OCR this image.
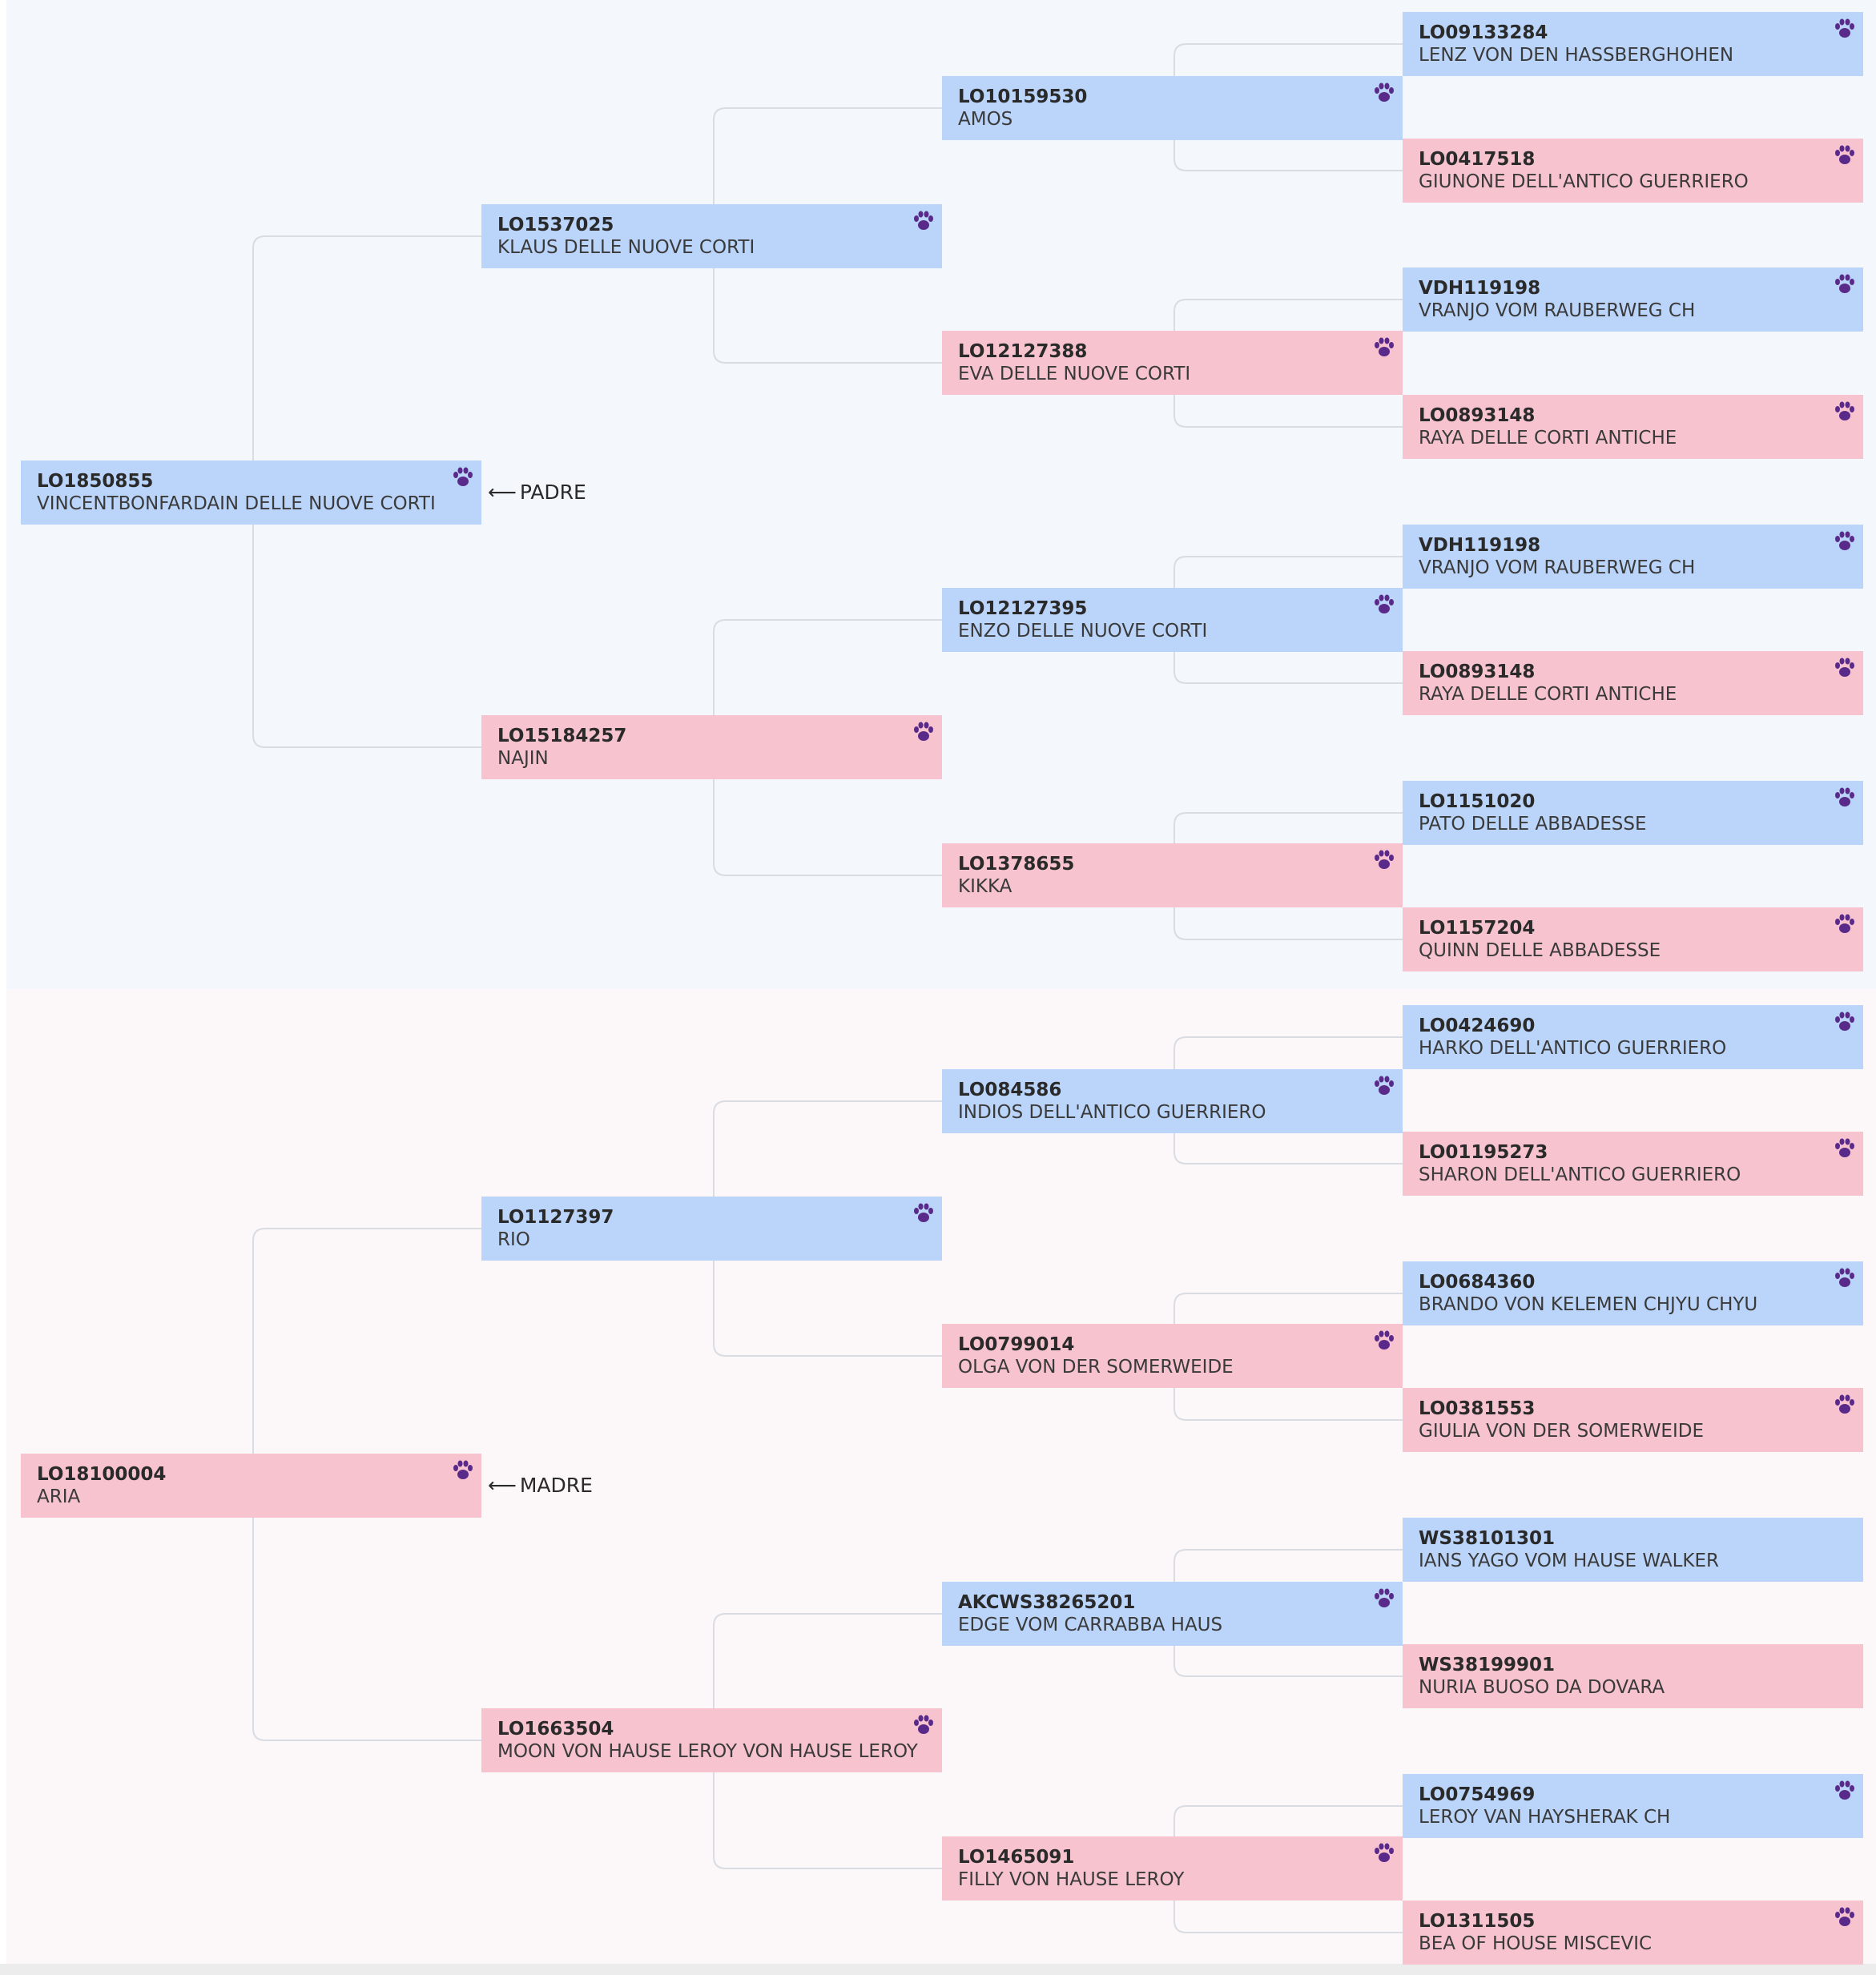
LO1850855
VINCENTBONFARDAIN DELLE NUOVE CORTI	⟵ PADRE
LO1537025
KLAUS DELLE NUOVE CORTI
LO15184257
NAJIN
LO10159530
AMOS
LO12127388
EVA DELLE NUOVE CORTI
LO12127395
ENZO DELLE NUOVE CORTI
LO1378655
KIKKA
LO09133284
LENZ VON DEN HASSBERGHOHEN
LO0417518
GIUNONE DELL'ANTICO GUERRIERO
VDH119198
VRANJO VOM RAUBERWEG CH
LO0893148
RAYA DELLE CORTI ANTICHE
VDH119198
VRANJO VOM RAUBERWEG CH
LO0893148
RAYA DELLE CORTI ANTICHE
LO1151020
PATO DELLE ABBADESSE
LO1157204
QUINN DELLE ABBADESSE
LO18100004
ARIA	⟵ MADRE
LO1127397
RIO
LO1663504
MOON VON HAUSE LEROY VON HAUSE LEROY
LO084586
INDIOS DELL'ANTICO GUERRIERO
LO0799014
OLGA VON DER SOMERWEIDE
AKCWS38265201
EDGE VOM CARRABBA HAUS
LO1465091
FILLY VON HAUSE LEROY
LO0424690
HARKO DELL'ANTICO GUERRIERO
LO01195273
SHARON DELL'ANTICO GUERRIERO
LO0684360
BRANDO VON KELEMEN CHJYU CHYU
LO0381553
GIULIA VON DER SOMERWEIDE
WS38101301
IANS YAGO VOM HAUSE WALKER
WS38199901
NURIA BUOSO DA DOVARA
LO0754969
LEROY VAN HAYSHERAK CH
LO1311505
BEA OF HOUSE MISCEVIC
